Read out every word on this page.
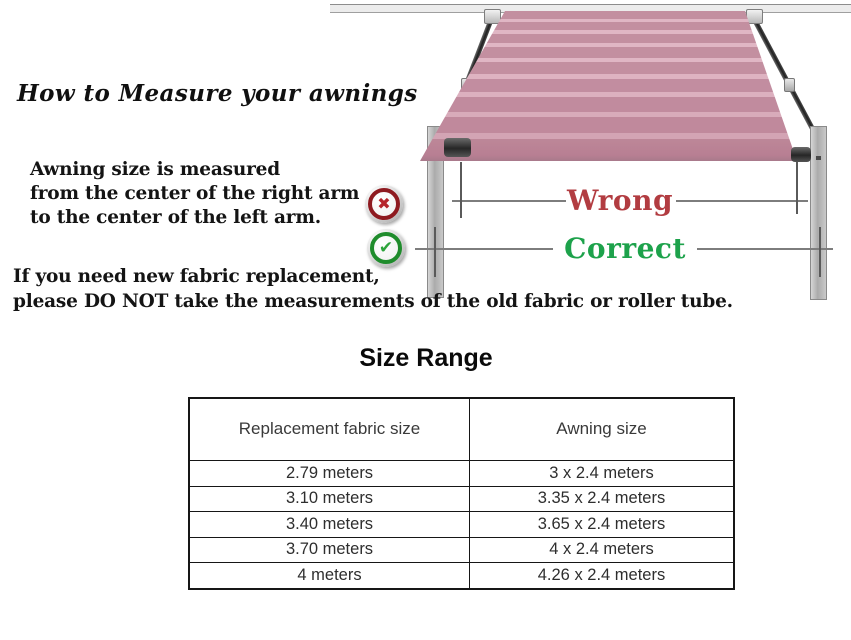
Wrong
Correct
✖
✔
How to Measure your awnings
Awning size is measured
from the center of the right arm
to the center of the left arm.
If you need new fabric replacement,
please DO NOT take the measurements of the old fabric or roller tube.
Size Range
Replacement fabric size	Awning size
2.79 meters	3 x 2.4 meters
3.10 meters	3.35 x 2.4 meters
3.40 meters	3.65 x 2.4 meters
3.70 meters	4 x 2.4 meters
4 meters	4.26 x 2.4 meters
